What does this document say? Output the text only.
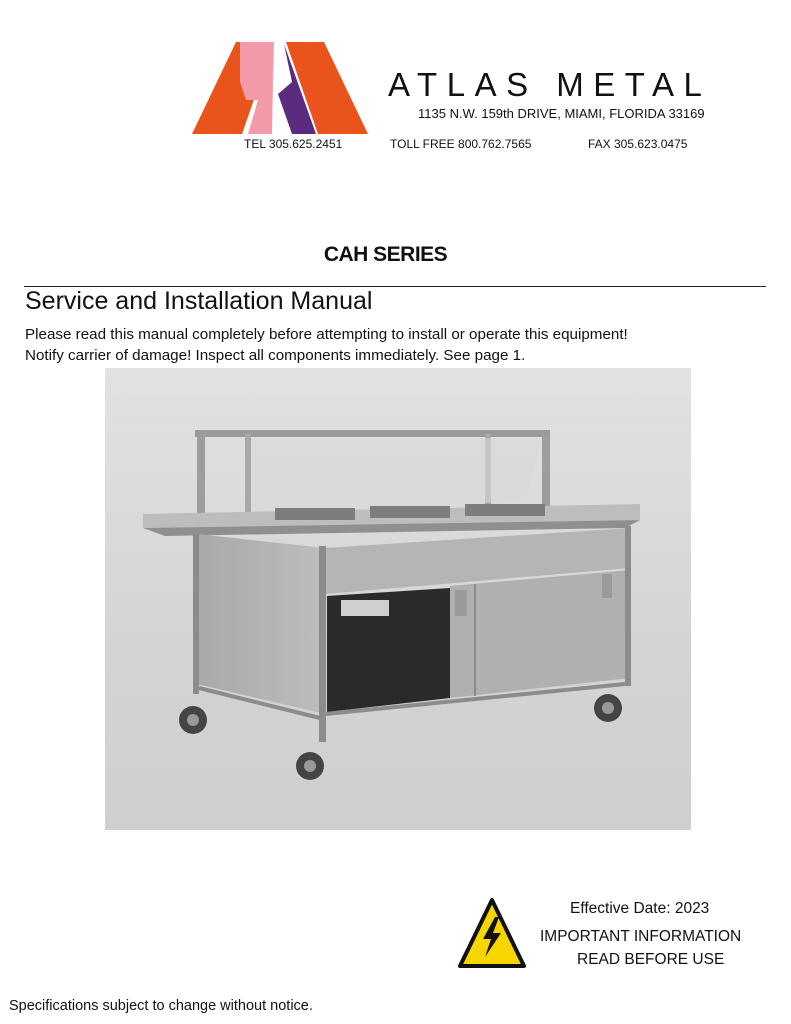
ATLAS METAL
1135 N.W. 159th DRIVE, MIAMI, FLORIDA 33169
TEL 305.625.2451	TOLL FREE 800.762.7565	FAX 305.623.0475
CAH SERIES
Service and Installation Manual
Please read this manual completely before attempting to install or operate this equipment!
Notify carrier of damage! Inspect all components immediately. See page 1.
Effective Date: 2023
IMPORTANT INFORMATION
READ BEFORE USE
Specifications subject to change without notice.
